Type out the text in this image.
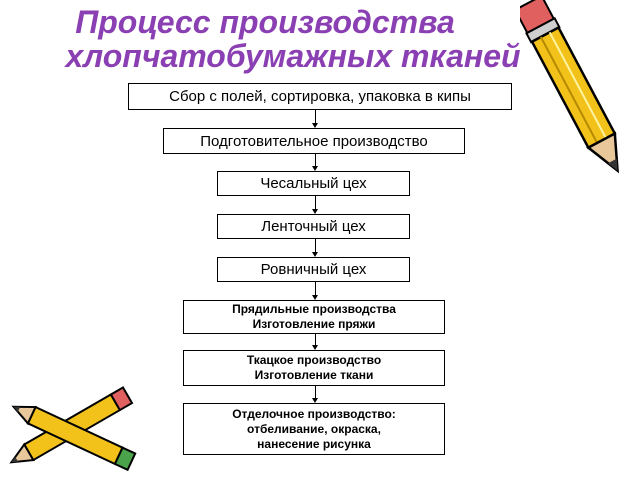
Процесс производства
хлопчатобумажных тканей
Сбор с полей, сортировка, упаковка в кипы
Подготовительное производство
Чесальный цех
Ленточный цех
Ровничный цех
Прядильные производства
Изготовление пряжи
Ткацкое производство
Изготовление ткани
Отделочное производство:
отбеливание, окраска,
нанесение рисунка
